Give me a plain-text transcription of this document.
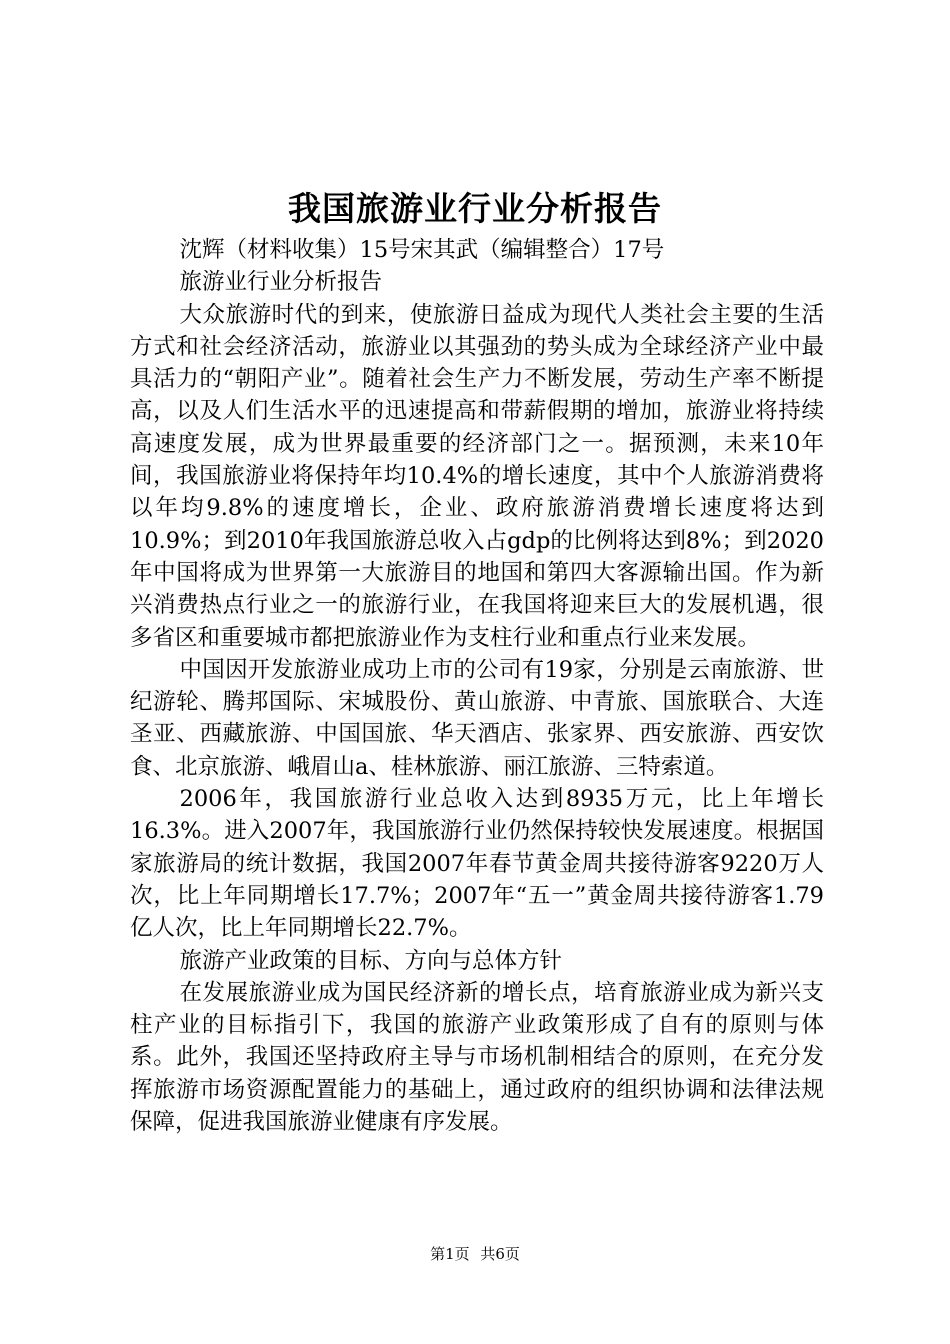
我国旅游业行业分析报告

沈辉（材料收集）15号宋其武（编辑整合）17号

旅游业行业分析报告

大众旅游时代的到来，使旅游日益成为现代人类社会主要的生活方式和社会经济活动，旅游业以其强劲的势头成为全球经济产业中最具活力的“朝阳产业”。随着社会生产力不断发展，劳动生产率不断提高，以及人们生活水平的迅速提高和带薪假期的增加，旅游业将持续高速度发展，成为世界最重要的经济部门之一。据预测，未来10年间，我国旅游业将保持年均10.4%的增长速度，其中个人旅游消费将以年均9.8%的速度增长，企业、政府旅游消费增长速度将达到10.9%；到2010年我国旅游总收入占gdp的比例将达到8%；到2020年中国将成为世界第一大旅游目的地国和第四大客源输出国。作为新兴消费热点行业之一的旅游行业，在我国将迎来巨大的发展机遇，很多省区和重要城市都把旅游业作为支柱行业和重点行业来发展。

中国因开发旅游业成功上市的公司有19家，分别是云南旅游、世纪游轮、腾邦国际、宋城股份、黄山旅游、中青旅、国旅联合、大连圣亚、西藏旅游、中国国旅、华天酒店、张家界、西安旅游、西安饮食、北京旅游、峨眉山a、桂林旅游、丽江旅游、三特索道。

2006年，我国旅游行业总收入达到8935万元，比上年增长16.3%。进入2007年，我国旅游行业仍然保持较快发展速度。根据国家旅游局的统计数据，我国2007年春节黄金周共接待游客9220万人次，比上年同期增长17.7%；2007年“五一”黄金周共接待游客1.79亿人次，比上年同期增长22.7%。

旅游产业政策的目标、方向与总体方针

在发展旅游业成为国民经济新的增长点，培育旅游业成为新兴支柱产业的目标指引下，我国的旅游产业政策形成了自有的原则与体系。此外，我国还坚持政府主导与市场机制相结合的原则，在充分发挥旅游市场资源配置能力的基础上，通过政府的组织协调和法律法规保障，促进我国旅游业健康有序发展。

第1页 共6页
